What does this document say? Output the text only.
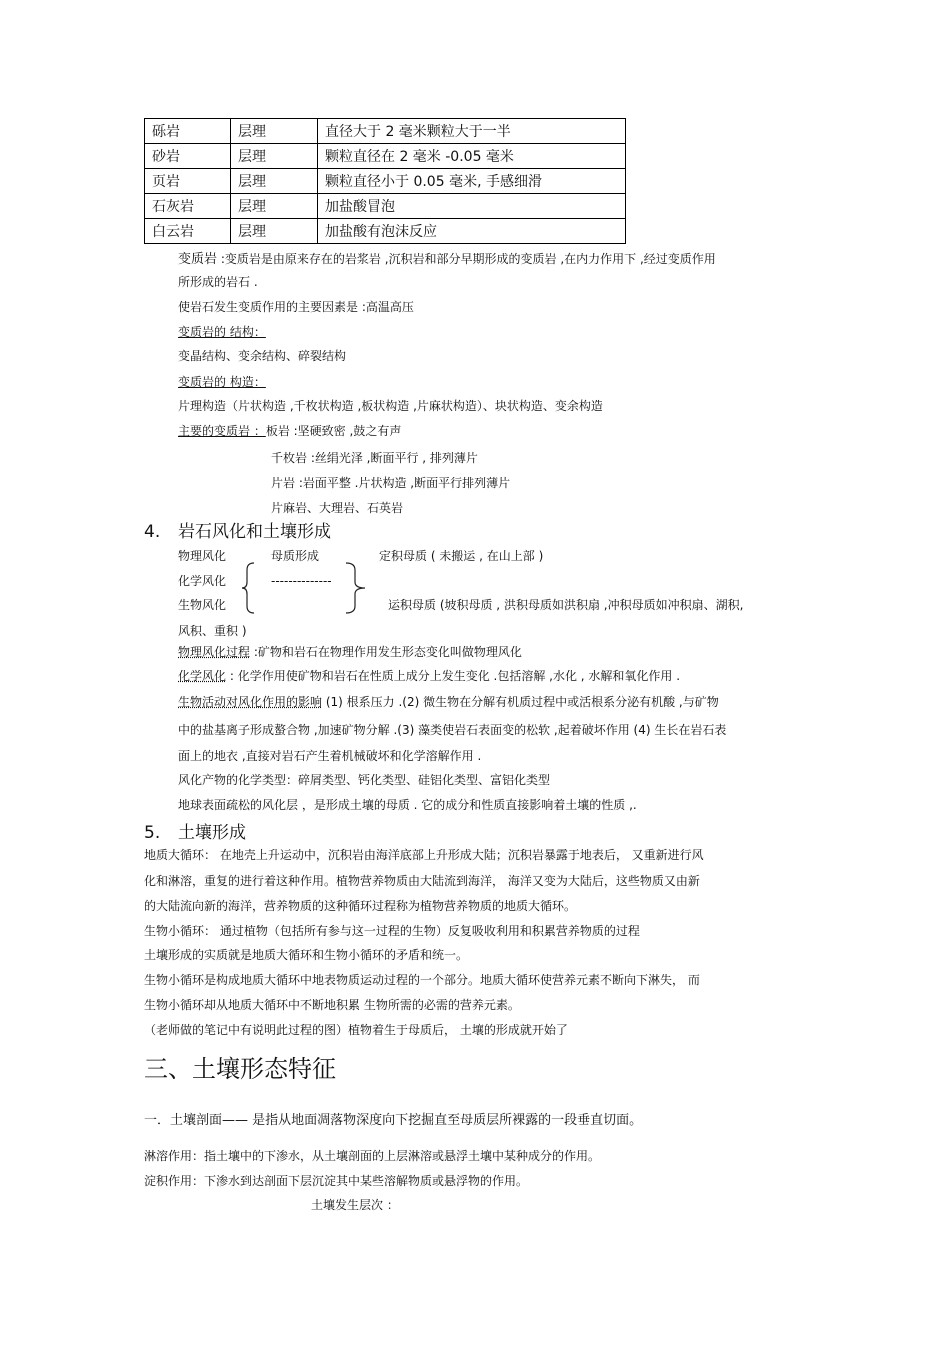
砾岩	层理	直径大于 2 毫米颗粒大于一半
砂岩	层理	颗粒直径在 2 毫米 -0.05 毫米
页岩	层理	颗粒直径小于 0.05 毫米, 手感细滑
石灰岩	层理	加盐酸冒泡
白云岩	层理	加盐酸有泡沫反应
变质岩 :变质岩是由原来存在的岩浆岩 ,沉积岩和部分早期形成的变质岩 ,在内力作用下 ,经过变质作用
所形成的岩石 .
使岩石发生变质作用的主要因素是 :高温高压
变质岩的 结构：
变晶结构、变余结构、碎裂结构
变质岩的 构造：
片理构造（片状构造 ,千枚状构造 ,板状构造 ,片麻状构造）、块状构造、变余构造
主要的变质岩 ：板岩 :坚硬致密 ,鼓之有声
千枚岩 :丝绢光泽 ,断面平行 , 排列薄片
片岩 :岩面平整 .片状构造 ,断面平行排列薄片
片麻岩、大理岩、石英岩
4. 岩石风化和土壤形成
物理风化
化学风化
生物风化
母质形成
--------------
定积母质 ( 未搬运 , 在山上部 )
运积母质 (坡积母质 , 洪积母质如洪积扇 ,冲积母质如冲积扇、湖积,
风积、重积 )
物理风化过程 :矿物和岩石在物理作用发生形态变化叫做物理风化
化学风化 : 化学作用使矿物和岩石在性质上成分上发生变化 .包括溶解 ,水化 , 水解和氧化作用 .
生物活动对风化作用的影响 (1) 根系压力 .(2) 微生物在分解有机质过程中或活根系分泌有机酸 ,与矿物
中的盐基离子形成螯合物 ,加速矿物分解 .(3) 藻类使岩石表面变的松软 ,起着破坏作用 (4) 生长在岩石表
面上的地衣 ,直接对岩石产生着机械破坏和化学溶解作用 .
风化产物的化学类型：碎屑类型、钙化类型、硅铝化类型、富铝化类型
地球表面疏松的风化层 ，是形成土壤的母质 . 它的成分和性质直接影响着土壤的性质 ,.
5. 土壤形成
地质大循环： 在地壳上升运动中，沉积岩由海洋底部上升形成大陆；沉积岩暴露于地表后， 又重新进行风
化和淋溶，重复的进行着这种作用。植物营养物质由大陆流到海洋， 海洋又变为大陆后，这些物质又由新
的大陆流向新的海洋，营养物质的这种循环过程称为植物营养物质的地质大循环。
生物小循环： 通过植物（包括所有参与这一过程的生物）反复吸收利用和积累营养物质的过程
土壤形成的实质就是地质大循环和生物小循环的矛盾和统一。
生物小循环是构成地质大循环中地表物质运动过程的一个部分。地质大循环使营养元素不断向下淋失， 而
生物小循环却从地质大循环中不断地积累 生物所需的必需的营养元素。
（老师做的笔记中有说明此过程的图）植物着生于母质后， 土壤的形成就开始了
三、土壤形态特征
一．土壤剖面—— 是指从地面凋落物深度向下挖掘直至母质层所裸露的一段垂直切面。
淋溶作用：指土壤中的下渗水，从土壤剖面的上层淋溶或悬浮土壤中某种成分的作用。
淀积作用：下渗水到达剖面下层沉淀其中某些溶解物质或悬浮物的作用。
土壤发生层次 ：
